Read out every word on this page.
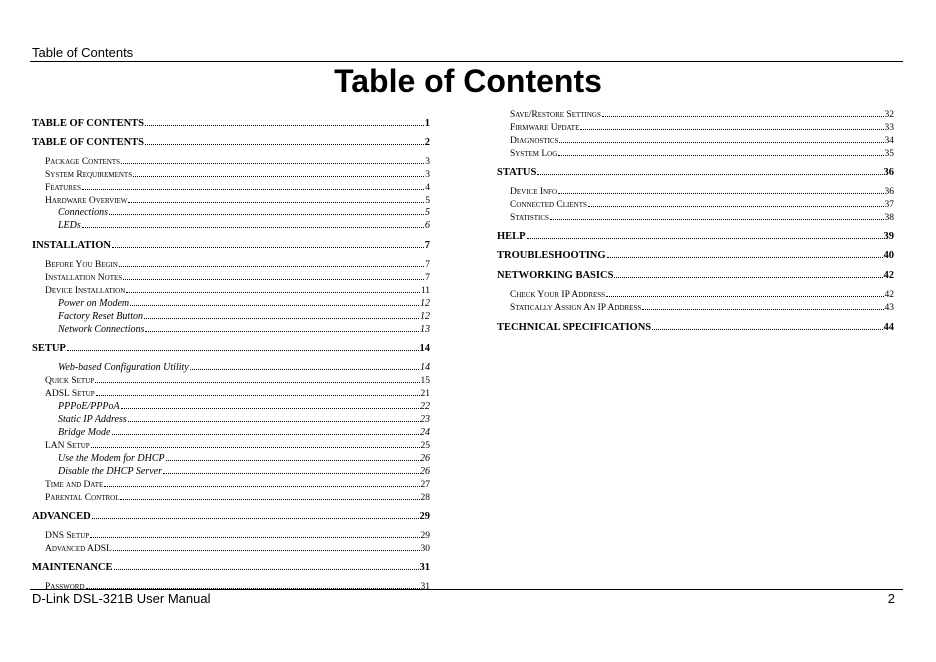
Table of Contents
Table of Contents
TABLE OF CONTENTS	1
TABLE OF CONTENTS	2
Package Contents	3
System Requirements	3
Features	4
Hardware Overview	5
Connections	5
LEDs	6
INSTALLATION	7
Before You Begin	7
Installation Notes	7
Device Installation	11
Power on Modem	12
Factory Reset Button	12
Network Connections	13
SETUP	14
Web-based Configuration Utility	14
Quick Setup	15
ADSL Setup	21
PPPoE/PPPoA	22
Static IP Address	23
Bridge Mode	24
LAN Setup	25
Use the Modem for DHCP	26
Disable the DHCP Server	26
Time and Date	27
Parental Control	28
ADVANCED	29
DNS Setup	29
Advanced ADSL	30
MAINTENANCE	31
Password	31
Save/Restore Settings	32
Firmware Update	33
Diagnostics	34
System Log	35
STATUS	36
Device Info	36
Connected Clients	37
Statistics	38
HELP	39
TROUBLESHOOTING	40
NETWORKING BASICS	42
Check Your IP Address	42
Statically Assign An IP Address	43
TECHNICAL SPECIFICATIONS	44
D-Link DSL-321B User Manual	2
